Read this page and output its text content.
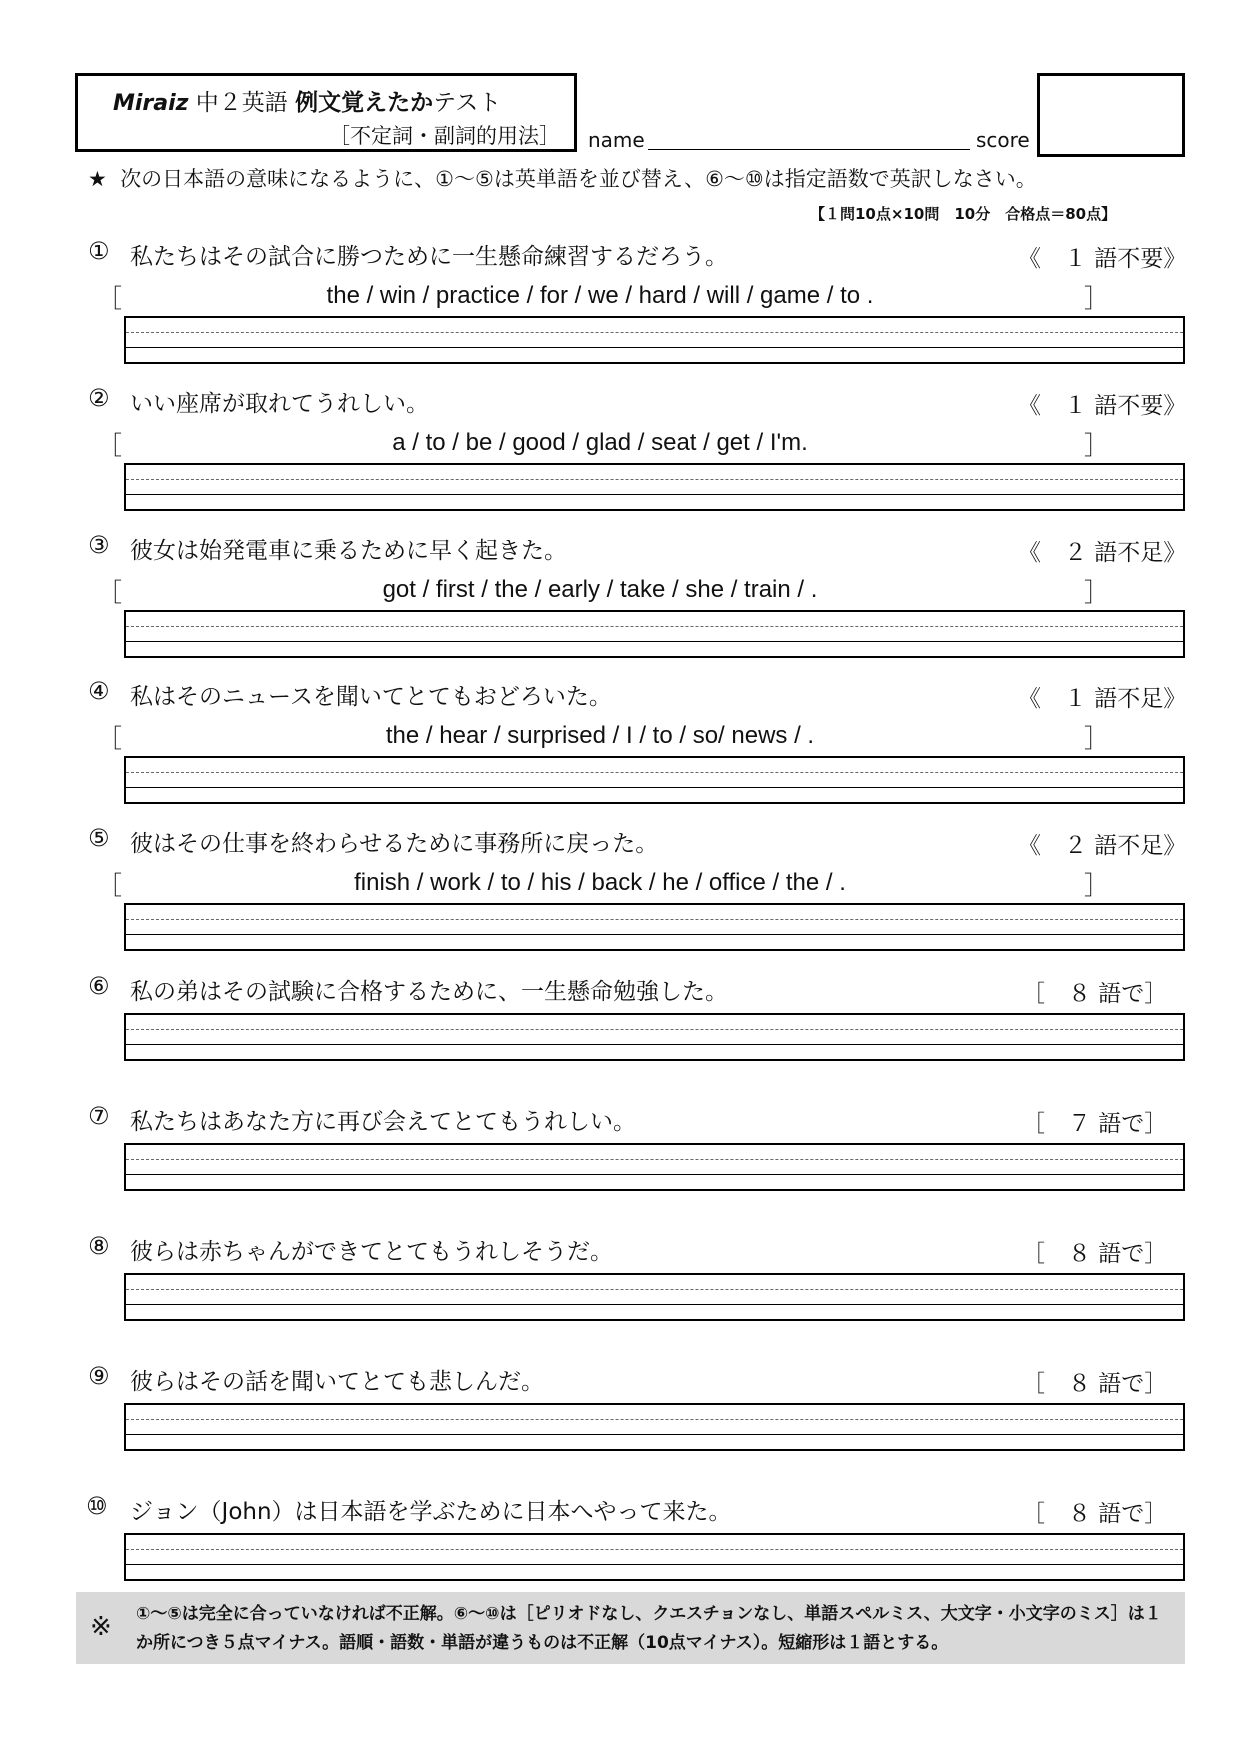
Miraiz 中２英語 例文覚えたかテスト
［不定詞・副詞的用法］ name	score
★ 次の日本語の意味になるように、①〜⑤は英単語を並び替え、⑥〜⑩は指定語数で英訳しなさい。
【１問10点×10問　10分　合格点＝80点】
① 私たちはその試合に勝つために一生懸命練習するだろう。	《　１ 語不要》
［	the / win / practice / for / we / hard / will / game / to .	］
② いい座席が取れてうれしい。	《　１ 語不要》
［	a / to / be / good / glad / seat / get / I'm.	］
③ 彼女は始発電車に乗るために早く起きた。	《　２ 語不足》
［	got / first / the / early / take / she / train / .	］
④ 私はそのニュースを聞いてとてもおどろいた。	《　１ 語不足》
［	the / hear / surprised / I / to / so/ news / .	］
⑤ 彼はその仕事を終わらせるために事務所に戻った。	《　２ 語不足》
［	finish / work / to / his / back / he / office / the / .	］
⑥ 私の弟はその試験に合格するために、一生懸命勉強した。	［　８ 語で］
⑦ 私たちはあなた方に再び会えてとてもうれしい。	［　７ 語で］
⑧ 彼らは赤ちゃんができてとてもうれしそうだ。	［　８ 語で］
⑨ 彼らはその話を聞いてとても悲しんだ。	［　８ 語で］
⑩ ジョン（John）は日本語を学ぶために日本へやって来た。	［　８ 語で］
※ ①〜⑤は完全に合っていなければ不正解。⑥〜⑩は［ピリオドなし、クエスチョンなし、単語スペルミス、大文字・小文字のミス］は１か所につき５点マイナス。語順・語数・単語が違うものは不正解（10点マイナス）。短縮形は１語とする。
